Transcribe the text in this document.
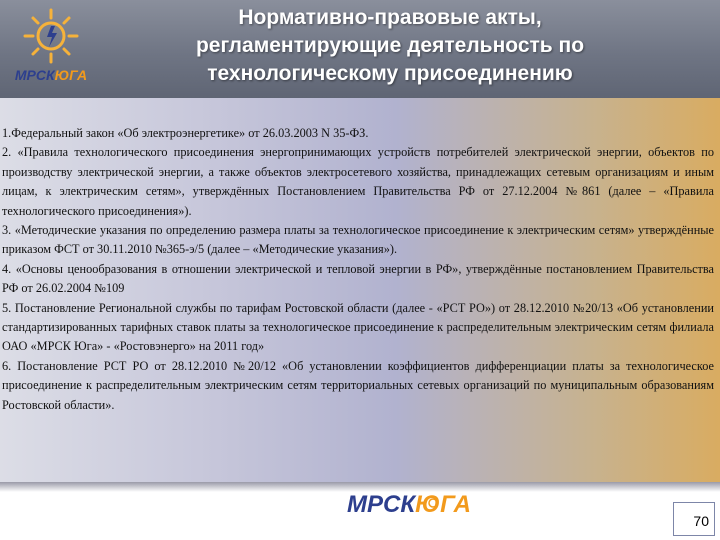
МРСКЮГА
Нормативно-правовые акты,
регламентирующие деятельность по
технологическому присоединению

1.Федеральный закон «Об электроэнергетике» от 26.03.2003 N 35-ФЗ.

2. «Правила технологического присоединения энергопринимающих устройств потребителей электрической энергии, объектов по производству электрической энергии, а также объектов электросетевого хозяйства, принадлежащих сетевым организациям и иным лицам, к электрическим сетям», утверждённых Постановлением Правительства РФ от 27.12.2004 №861 (далее – «Правила технологического присоединения»).

3. «Методические указания по определению размера платы за технологическое присоединение к электрическим сетям» утверждённые приказом ФСТ от 30.11.2010 №365-э/5 (далее – «Методические указания»).

4. «Основы ценообразования в отношении электрической и тепловой энергии в РФ», утверждённые постановлением Правительства РФ от 26.02.2004 №109

5. Постановление Региональной службы по тарифам Ростовской области (далее - «РСТ РО») от 28.12.2010 №20/13 «Об установлении стандартизированных тарифных ставок платы за технологическое присоединение к распределительным электрическим сетям филиала ОАО «МРСК Юга» - «Ростовэнерго» на 2011 год»

6. Постановление РСТ РО от 28.12.2010 №20/12 «Об установлении коэффициентов дифференциации платы за технологическое присоединение к распределительным электрическим сетям территориальных сетевых организаций по муниципальным образованиям Ростовской области».

МРСКЮГА
70
